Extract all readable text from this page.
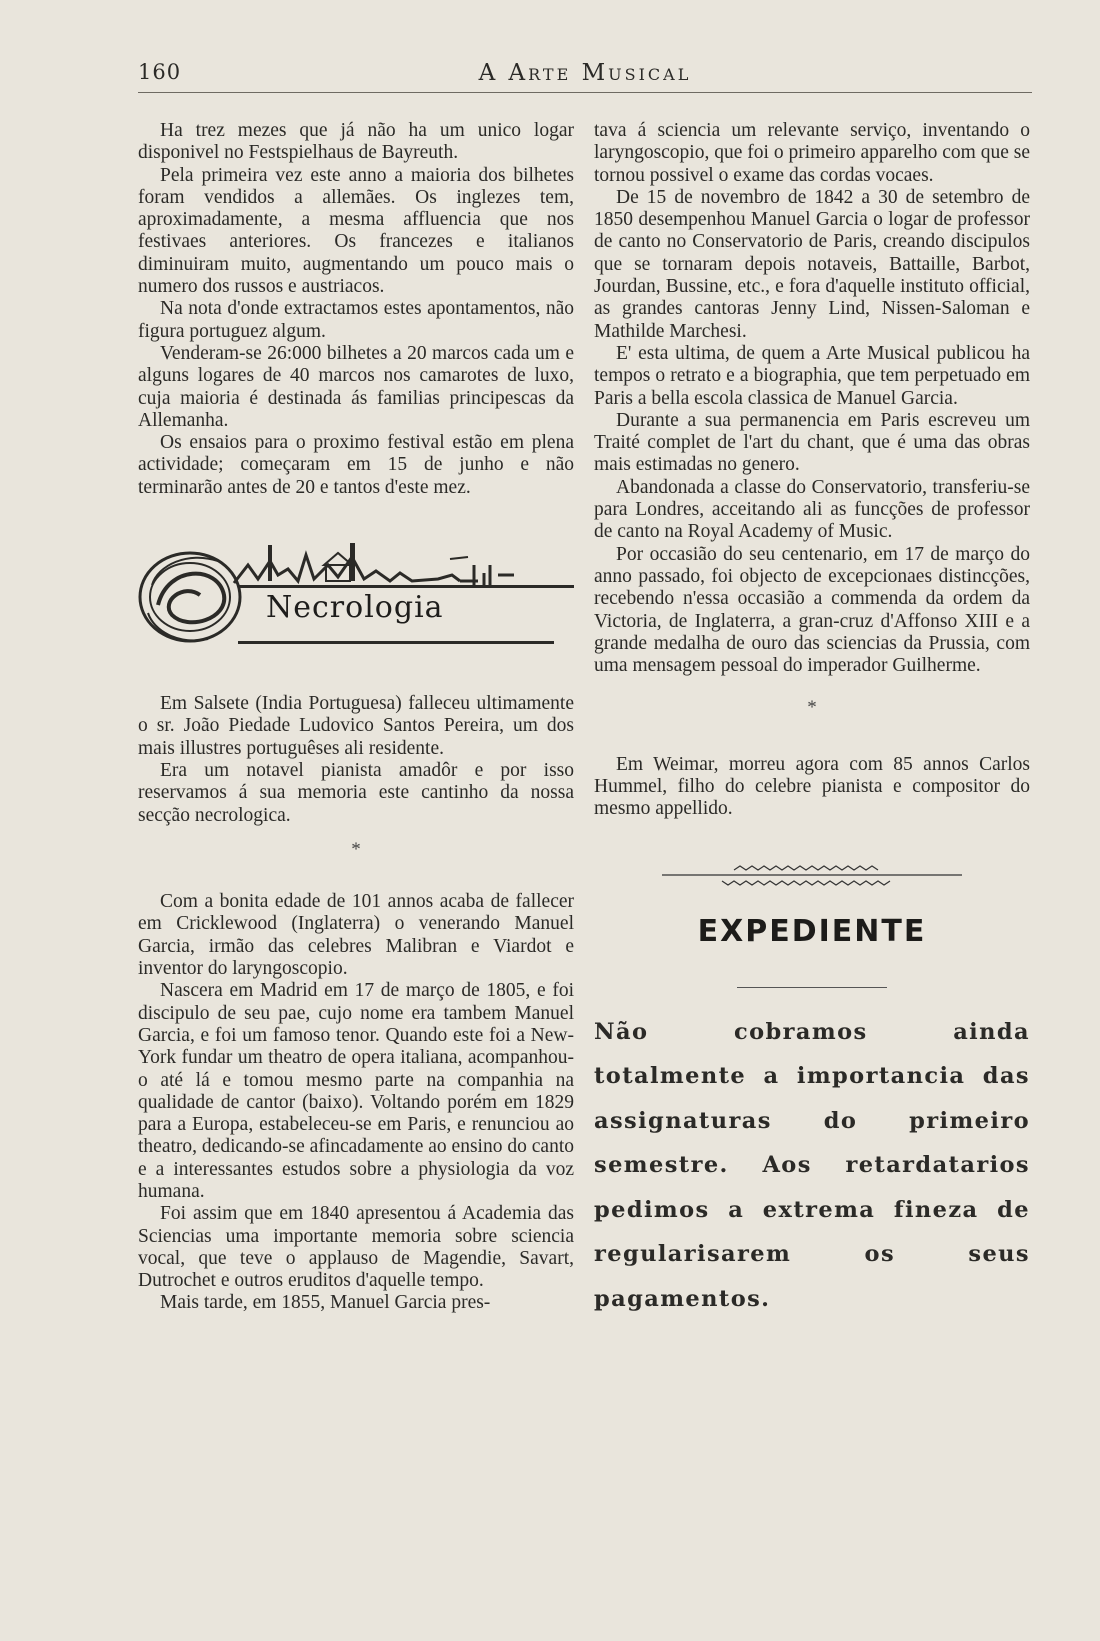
160	A Arte Musical

Ha trez mezes que já não ha um unico logar disponivel no Festspielhaus de Bayreuth.

Pela primeira vez este anno a maioria dos bilhetes foram vendidos a allemães. Os inglezes tem, aproximadamente, a mesma affluencia que nos festivaes anteriores. Os francezes e italianos diminuiram muito, augmentando um pouco mais o numero dos russos e austriacos.

Na nota d'onde extractamos estes apontamentos, não figura portuguez algum.

Venderam-se 26:000 bilhetes a 20 marcos cada um e alguns logares de 40 marcos nos camarotes de luxo, cuja maioria é destinada ás familias principescas da Allemanha.

Os ensaios para o proximo festival estão em plena actividade; começaram em 15 de junho e não terminarão antes de 20 e tantos d'este mez.

Necrologia

Em Salsete (India Portuguesa) falleceu ultimamente o sr. João Piedade Ludovico Santos Pereira, um dos mais illustres portuguêses ali residente.

Era um notavel pianista amadôr e por isso reservamos á sua memoria este cantinho da nossa secção necrologica.

*

Com a bonita edade de 101 annos acaba de fallecer em Cricklewood (Inglaterra) o venerando Manuel Garcia, irmão das celebres Malibran e Viardot e inventor do laryngoscopio.

Nascera em Madrid em 17 de março de 1805, e foi discipulo de seu pae, cujo nome era tambem Manuel Garcia, e foi um famoso tenor. Quando este foi a New-York fundar um theatro de opera italiana, acompanhou-o até lá e tomou mesmo parte na companhia na qualidade de cantor (baixo). Voltando porém em 1829 para a Europa, estabeleceu-se em Paris, e renunciou ao theatro, dedicando-se afincadamente ao ensino do canto e a interessantes estudos sobre a physiologia da voz humana.

Foi assim que em 1840 apresentou á Academia das Sciencias uma importante memoria sobre sciencia vocal, que teve o applauso de Magendie, Savart, Dutrochet e outros eruditos d'aquelle tempo.

Mais tarde, em 1855, Manuel Garcia pres-

tava á sciencia um relevante serviço, inventando o laryngoscopio, que foi o primeiro apparelho com que se tornou possivel o exame das cordas vocaes.

De 15 de novembro de 1842 a 30 de setembro de 1850 desempenhou Manuel Garcia o logar de professor de canto no Conservatorio de Paris, creando discipulos que se tornaram depois notaveis, Battaille, Barbot, Jourdan, Bussine, etc., e fora d'aquelle instituto official, as grandes cantoras Jenny Lind, Nissen-Saloman e Mathilde Marchesi.

E' esta ultima, de quem a Arte Musical publicou ha tempos o retrato e a biographia, que tem perpetuado em Paris a bella escola classica de Manuel Garcia.

Durante a sua permanencia em Paris escreveu um Traité complet de l'art du chant, que é uma das obras mais estimadas no genero.

Abandonada a classe do Conservatorio, transferiu-se para Londres, acceitando ali as funcções de professor de canto na Royal Academy of Music.

Por occasião do seu centenario, em 17 de março do anno passado, foi objecto de excepcionaes distincções, recebendo n'essa occasião a commenda da ordem da Victoria, de Inglaterra, a gran-cruz d'Affonso XIII e a grande medalha de ouro das sciencias da Prussia, com uma mensagem pessoal do imperador Guilherme.

*

Em Weimar, morreu agora com 85 annos Carlos Hummel, filho do celebre pianista e compositor do mesmo appellido.

EXPEDIENTE
Não cobramos ainda totalmente a importancia das assignaturas do primeiro semestre. Aos retardatarios pedimos a extrema fineza de regularisarem os seus pagamentos.
